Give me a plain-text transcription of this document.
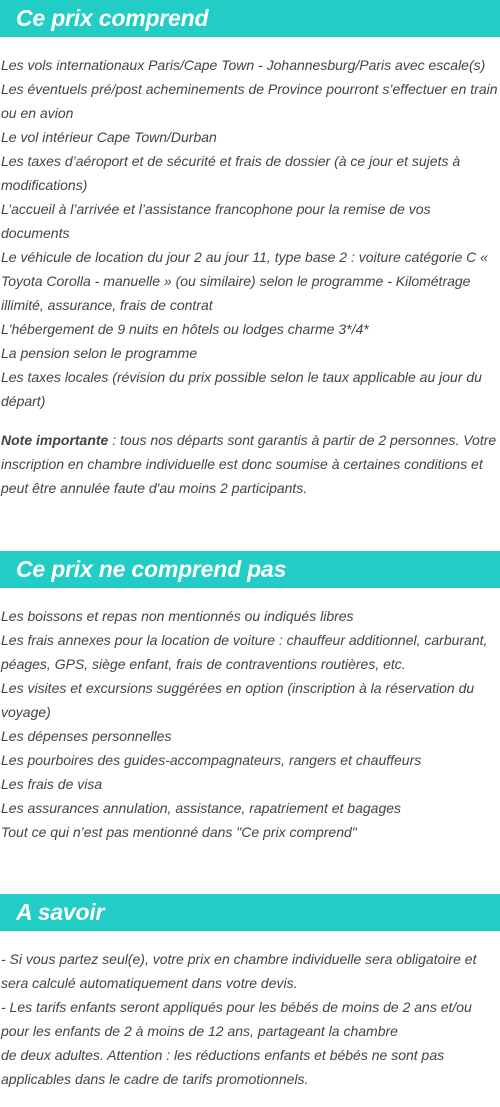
Ce prix comprend

Les vols internationaux Paris/Cape Town - Johannesburg/Paris avec escale(s)

Les éventuels pré/post acheminements de Province pourront s’effectuer en train ou en avion

Le vol intérieur Cape Town/Durban

Les taxes d’aéroport et de sécurité et frais de dossier (à ce jour et sujets à modifications)

L’accueil à l’arrivée et l’assistance francophone pour la remise de vos documents

Le véhicule de location du jour 2 au jour 11, type base 2 : voiture catégorie C « Toyota Corolla - manuelle » (ou similaire) selon le programme - Kilométrage illimité, assurance, frais de contrat

L'hébergement de 9 nuits en hôtels ou lodges charme 3*/4*

La pension selon le programme

Les taxes locales (révision du prix possible selon le taux applicable au jour du départ)

Note importante : tous nos départs sont garantis à partir de 2 personnes. Votre inscription en chambre individuelle est donc soumise à certaines conditions et peut être annulée faute d'au moins 2 participants.

Ce prix ne comprend pas

Les boissons et repas non mentionnés ou indiqués libres

Les frais annexes pour la location de voiture : chauffeur additionnel, carburant, péages, GPS, siège enfant, frais de contraventions routières, etc.

Les visites et excursions suggérées en option (inscription à la réservation du voyage)

Les dépenses personnelles

Les pourboires des guides-accompagnateurs, rangers et chauffeurs

Les frais de visa

Les assurances annulation, assistance, rapatriement et bagages

Tout ce qui n’est pas mentionné dans "Ce prix comprend"

A savoir

- Si vous partez seul(e), votre prix en chambre individuelle sera obligatoire et sera calculé automatiquement dans votre devis.

- Les tarifs enfants seront appliqués pour les bébés de moins de 2 ans et/ou pour les enfants de 2 à moins de 12 ans, partageant la chambre

de deux adultes. Attention : les réductions enfants et bébés ne sont pas applicables dans le cadre de tarifs promotionnels.
